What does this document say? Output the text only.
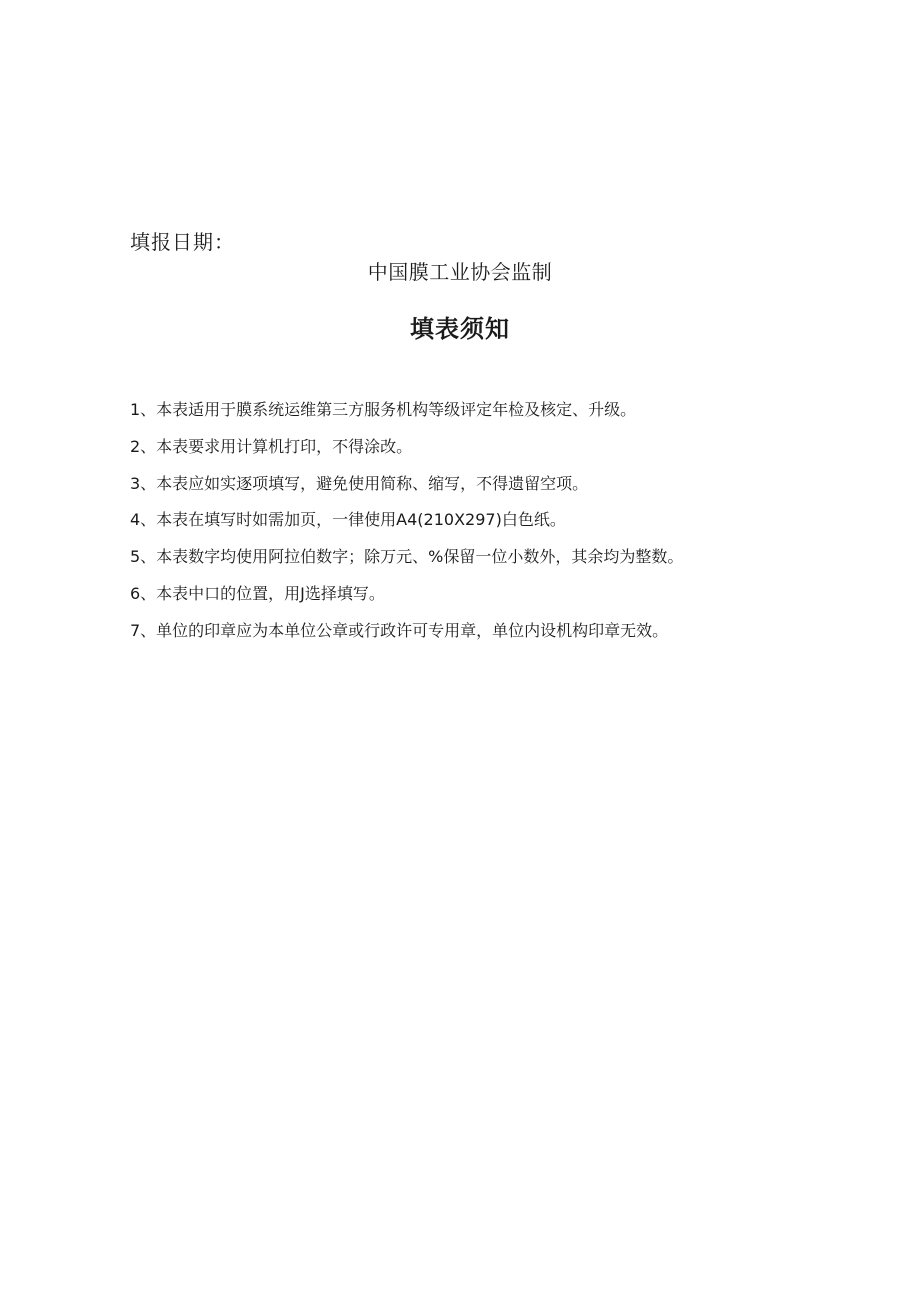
填报日期：
中国膜工业协会监制
填表须知
1、本表适用于膜系统运维第三方服务机构等级评定年检及核定、升级。
2、本表要求用计算机打印，不得涂改。
3、本表应如实逐项填写，避免使用简称、缩写，不得遗留空项。
4、本表在填写时如需加页，一律使用A4(210X297)白色纸。
5、本表数字均使用阿拉伯数字；除万元、%保留一位小数外，其余均为整数。
6、本表中口的位置，用J选择填写。
7、单位的印章应为本单位公章或行政许可专用章，单位内设机构印章无效。
